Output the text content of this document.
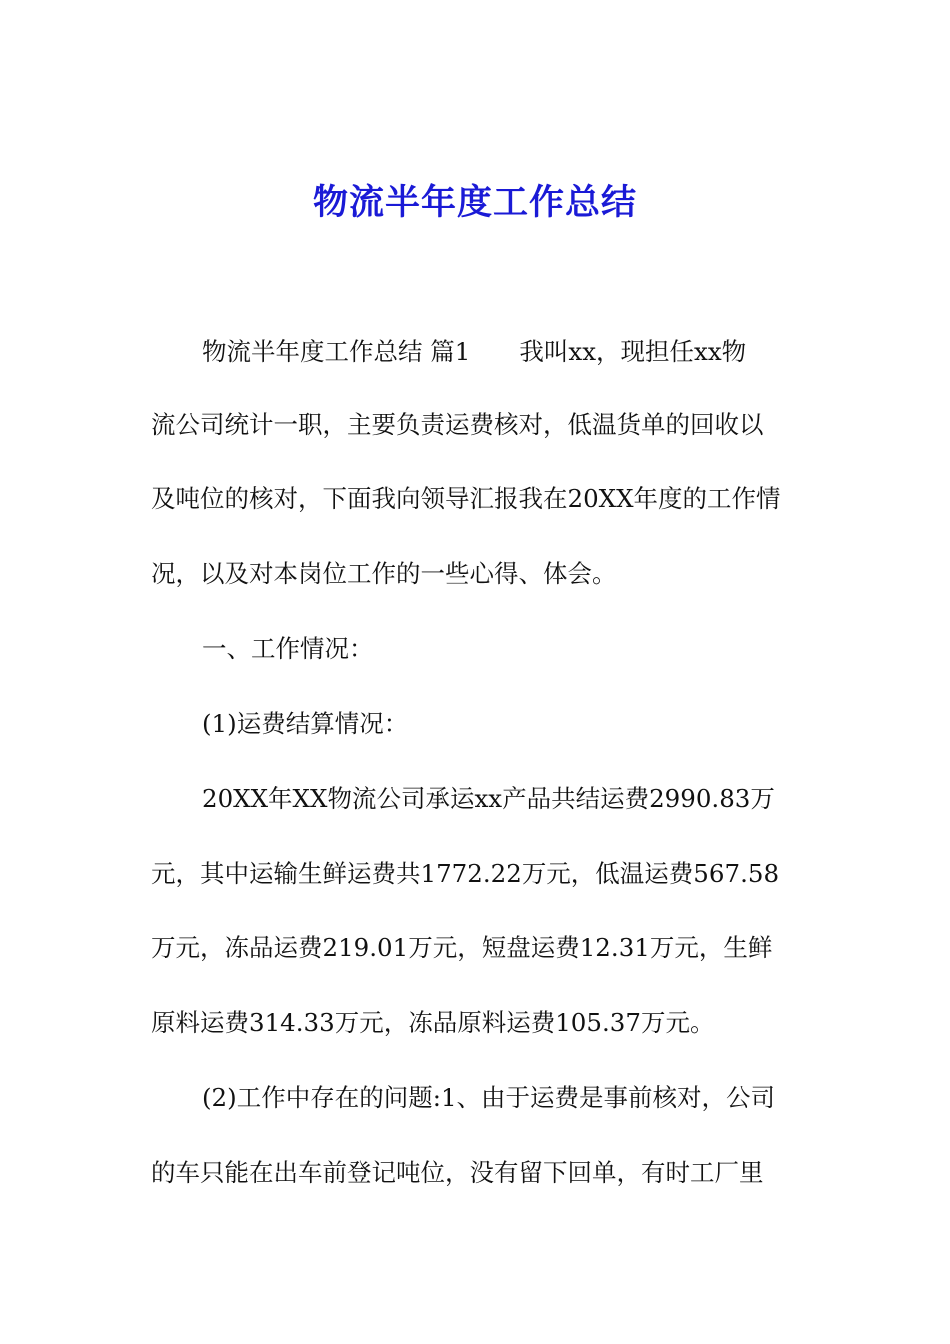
物流半年度工作总结
物流半年度工作总结 篇1　　我叫xx，现担任xx物
流公司统计一职，主要负责运费核对，低温货单的回收以
及吨位的核对，下面我向领导汇报我在20XX年度的工作情
况，以及对本岗位工作的一些心得、体会。
一、工作情况：
(1)运费结算情况：
20XX年XX物流公司承运xx产品共结运费2990.83万
元，其中运输生鲜运费共1772.22万元，低温运费567.58
万元，冻品运费219.01万元，短盘运费12.31万元，生鲜
原料运费314.33万元，冻品原料运费105.37万元。
(2)工作中存在的问题:1、由于运费是事前核对，公司
的车只能在出车前登记吨位，没有留下回单，有时工厂里
